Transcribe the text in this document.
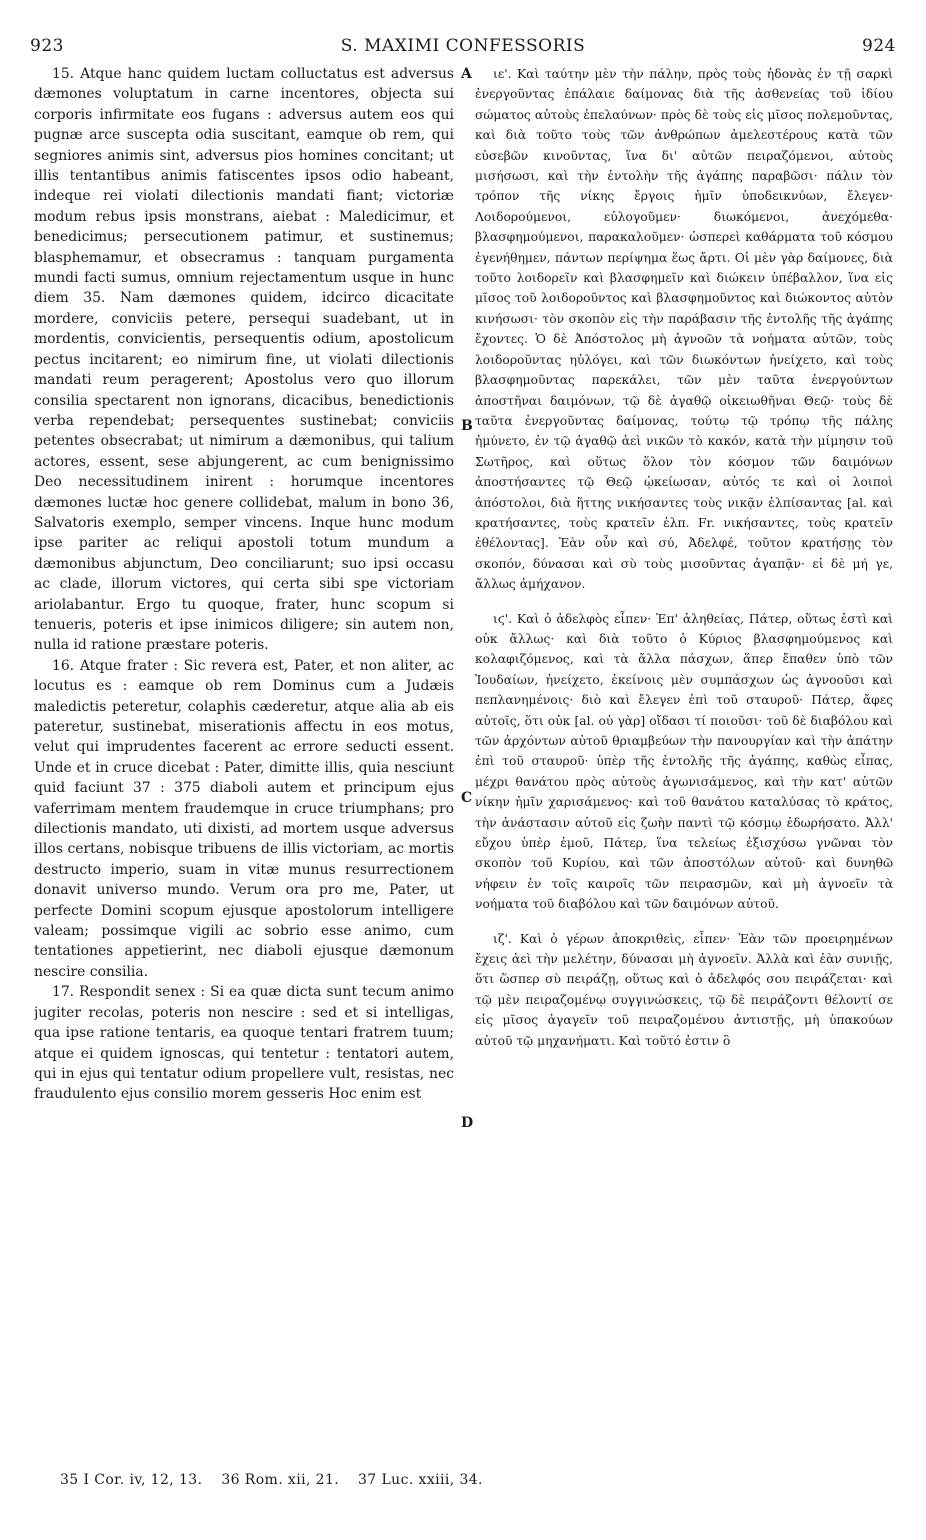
923	S. MAXIMI CONFESSORIS	924

15. Atque hanc quidem luctam colluctatus est adversus dæmones voluptatum in carne incentores, objecta sui corporis infirmitate eos fugans : adversus autem eos qui pugnæ arce suscepta odia suscitant, eamque ob rem, qui segniores animis sint, adversus pios homines concitant; ut illis tentantibus animis fatiscentes ipsos odio habeant, indeque rei violati dilectionis mandati fiant; victoriæ modum rebus ipsis monstrans, aiebat : Maledicimur, et benedicimus; persecutionem patimur, et sustinemus; blasphemamur, et obsecramus : tanquam purgamenta mundi facti sumus, omnium rejectamentum usque in hunc diem 35. Nam dæmones quidem, idcirco dicacitate mordere, conviciis petere, persequi suadebant, ut in mordentis, convicientis, persequentis odium, apostolicum pectus incitarent; eo nimirum fine, ut violati dilectionis mandati reum peragerent; Apostolus vero quo illorum consilia spectarent non ignorans, dicacibus, benedictionis verba rependebat; persequentes sustinebat; conviciis petentes obsecrabat; ut nimirum a dæmonibus, qui talium actores, essent, sese abjungerent, ac cum benignissimo Deo necessitudinem inirent : horumque incentores dæmones luctæ hoc genere collidebat, malum in bono 36, Salvatoris exemplo, semper vincens. Inque hunc modum ipse pariter ac reliqui apostoli totum mundum a dæmonibus abjunctum, Deo conciliarunt; suo ipsi occasu ac clade, illorum victores, qui certa sibi spe victoriam ariolabantur. Ergo tu quoque, frater, hunc scopum si tenueris, poteris et ipse inimicos diligere; sin autem non, nulla id ratione præstare poteris.

16. Atque frater : Sic revera est, Pater, et non aliter, ac locutus es : eamque ob rem Dominus cum a Judæis maledictis peteretur, colaphis cæderetur, atque alia ab eis pateretur, sustinebat, miserationis affectu in eos motus, velut qui imprudentes facerent ac errore seducti essent. Unde et in cruce dicebat : Pater, dimitte illis, quia nesciunt quid faciunt 37 : 375 diaboli autem et principum ejus vaferrimam mentem fraudemque in cruce triumphans; pro dilectionis mandato, uti dixisti, ad mortem usque adversus illos certans, nobisque tribuens de illis victoriam, ac mortis destructo imperio, suam in vitæ munus resurrectionem donavit universo mundo. Verum ora pro me, Pater, ut perfecte Domini scopum ejusque apostolorum intelligere valeam; possimque vigili ac sobrio esse animo, cum tentationes appetierint, nec diaboli ejusque dæmonum nescire consilia.

17. Respondit senex : Si ea quæ dicta sunt tecum animo jugiter recolas, poteris non nescire : sed et si intelligas, qua ipse ratione tentaris, ea quoque tentari fratrem tuum; atque ei quidem ignoscas, qui tentetur : tentatori autem, qui in ejus qui tentatur odium propellere vult, resistas, nec fraudulento ejus consilio morem gesseris Hoc enim est

A
B
C
D

ιε'. Καὶ ταύτην μὲν τὴν πάλην, πρὸς τοὺς ἡδονὰς ἐν τῇ σαρκὶ ἐνεργοῦντας ἐπάλαιε δαίμονας διὰ τῆς ἀσθενείας τοῦ ἰδίου σώματος αὐτοὺς ἐπελαύνων· πρὸς δὲ τοὺς εἰς μῖσος πολεμοῦντας, καὶ διὰ τοῦτο τοὺς τῶν ἀνθρώπων ἀμελεστέρους κατὰ τῶν εὐσεβῶν κινοῦντας, ἵνα δι' αὐτῶν πειραζόμενοι, αὐτοὺς μισήσωσι, καὶ τὴν ἐντολὴν τῆς ἀγάπης παραβῶσι· πάλιν τὸν τρόπον τῆς νίκης ἔργοις ἡμῖν ὑποδεικνύων, ἔλεγεν· Λοιδορούμενοι, εὐλογοῦμεν· διωκόμενοι, ἀνεχόμεθα· βλασφημούμενοι, παρακαλοῦμεν· ὡσπερεὶ καθάρματα τοῦ κόσμου ἐγενήθημεν, πάντων περίψημα ἕως ἄρτι. Οἱ μὲν γὰρ δαίμονες, διὰ τοῦτο λοιδορεῖν καὶ βλασφημεῖν καὶ διώκειν ὑπέβαλλον, ἵνα εἰς μῖσος τοῦ λοιδοροῦντος καὶ βλασφημοῦντος καὶ διώκοντος αὐτὸν κινήσωσι· τὸν σκοπὸν εἰς τὴν παράβασιν τῆς ἐντολῆς τῆς ἀγάπης ἔχοντες. Ὁ δὲ Ἀπόστολος μὴ ἀγνοῶν τὰ νοήματα αὐτῶν, τοὺς λοιδοροῦντας ηὐλόγει, καὶ τῶν διωκόντων ἠνείχετο, καὶ τοὺς βλασφημοῦντας παρεκάλει, τῶν μὲν ταῦτα ἐνεργούντων ἀποστῆναι δαιμόνων, τῷ δὲ ἀγαθῷ οἰκειωθῆναι Θεῷ· τοὺς δὲ ταῦτα ἐνεργοῦντας δαίμονας, τούτῳ τῷ τρόπῳ τῆς πάλης ἠμύνετο, ἐν τῷ ἀγαθῷ ἀεὶ νικῶν τὸ κακόν, κατὰ τὴν μίμησιν τοῦ Σωτῆρος, καὶ οὕτως ὅλον τὸν κόσμον τῶν δαιμόνων ἀποστήσαντες τῷ Θεῷ ᾠκείωσαν, αὐτός τε καὶ οἱ λοιποὶ ἀπόστολοι, διὰ ἥττης νικήσαντες τοὺς νικᾷν ἐλπίσαντας [al. καὶ κρατήσαντες, τοὺς κρατεῖν ἐλπ. Fr. νικήσαντες, τοὺς κρατεῖν ἐθέλοντας]. Ἐὰν οὖν καὶ σύ, Ἀδελφέ, τοῦτον κρατήσῃς τὸν σκοπόν, δύνασαι καὶ σὺ τοὺς μισοῦντας ἀγαπᾷν· εἰ δὲ μή γε, ἄλλως ἀμήχανον.

ιϛ'. Καὶ ὁ ἀδελφὸς εἶπεν· Ἐπ' ἀληθείας, Πάτερ, οὕτως ἐστὶ καὶ οὐκ ἄλλως· καὶ διὰ τοῦτο ὁ Κύριος βλασφημούμενος καὶ κολαφιζόμενος, καὶ τὰ ἄλλα πάσχων, ἅπερ ἔπαθεν ὑπὸ τῶν Ἰουδαίων, ἠνείχετο, ἐκείνοις μὲν συμπάσχων ὡς ἀγνοοῦσι καὶ πεπλανημένοις· διὸ καὶ ἔλεγεν ἐπὶ τοῦ σταυροῦ· Πάτερ, ἄφες αὐτοῖς, ὅτι οὐκ [al. οὐ γὰρ] οἴδασι τί ποιοῦσι· τοῦ δὲ διαβόλου καὶ τῶν ἀρχόντων αὐτοῦ θριαμβεύων τὴν πανουργίαν καὶ τὴν ἀπάτην ἐπὶ τοῦ σταυροῦ· ὑπὲρ τῆς ἐντολῆς τῆς ἀγάπης, καθὼς εἶπας, μέχρι θανάτου πρὸς αὐτοὺς ἀγωνισάμενος, καὶ τὴν κατ' αὐτῶν νίκην ἡμῖν χαρισάμενος· καὶ τοῦ θανάτου καταλύσας τὸ κράτος, τὴν ἀνάστασιν αὐτοῦ εἰς ζωὴν παντὶ τῷ κόσμῳ ἐδωρήσατο. Ἀλλ' εὔχου ὑπὲρ ἐμοῦ, Πάτερ, ἵνα τελείως ἐξισχύσω γνῶναι τὸν σκοπὸν τοῦ Κυρίου, καὶ τῶν ἀποστόλων αὐτοῦ· καὶ δυνηθῶ νήφειν ἐν τοῖς καιροῖς τῶν πειρασμῶν, καὶ μὴ ἀγνοεῖν τὰ νοήματα τοῦ διαβόλου καὶ τῶν δαιμόνων αὐτοῦ.

ιζ'. Καὶ ὁ γέρων ἀποκριθεὶς, εἶπεν· Ἐὰν τῶν προειρημένων ἔχεις ἀεὶ τὴν μελέτην, δύνασαι μὴ ἀγνοεῖν. Ἀλλὰ καὶ ἐὰν συνιῇς, ὅτι ὥσπερ σὺ πειράζῃ, οὕτως καὶ ὁ ἀδελφός σου πειράζεται· καὶ τῷ μὲν πειραζομένῳ συγγινώσκεις, τῷ δὲ πειράζοντι θέλοντί σε εἰς μῖσος ἀγαγεῖν τοῦ πειραζομένου ἀντιστῇς, μὴ ὑπακούων αὐτοῦ τῷ μηχανήματι. Καὶ τοῦτό ἐστιν ὃ

35 I Cor. iv, 12, 13. 36 Rom. xii, 21. 37 Luc. xxiii, 34.
